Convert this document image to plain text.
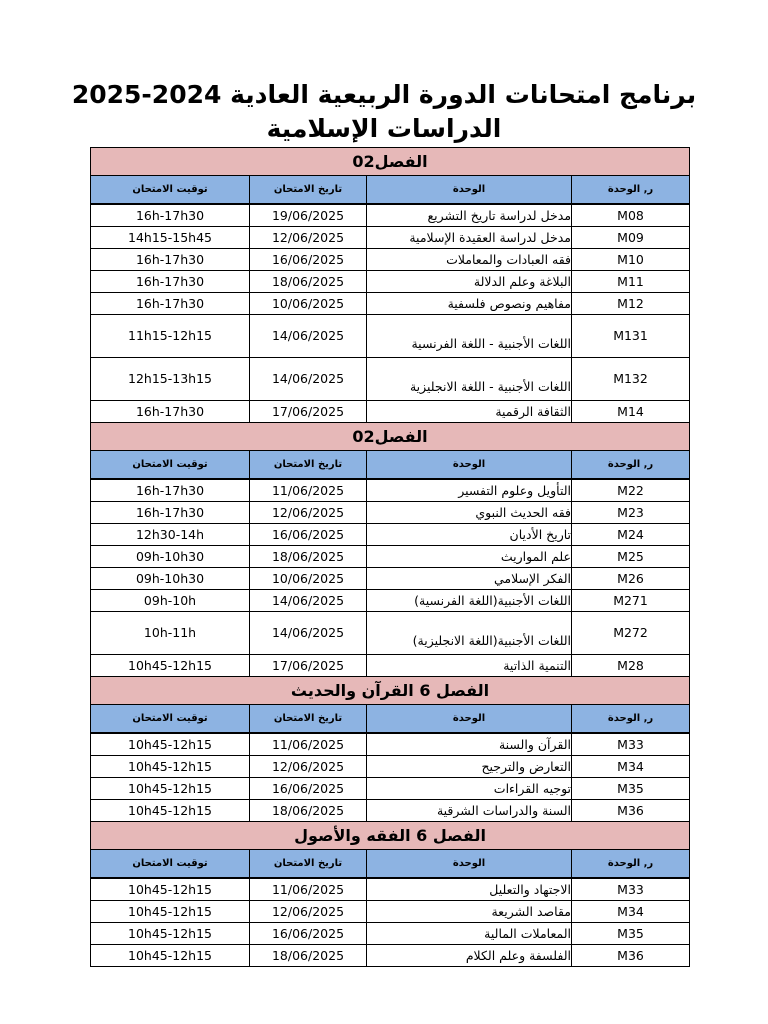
برنامج امتحانات الدورة الربيعية العادية 2024-2025
الدراسات الإسلامية
الفصل02			
ر, الوحدة	الوحدة	تاريخ الامتحان	توقيت الامتحان
M08	مدخل لدراسة تاريخ التشريع	19/06/2025	16h-17h30
M09	مدخل لدراسة العقيدة الإسلامية	12/06/2025	14h15-15h45
M10	فقه العبادات والمعاملات	16/06/2025	16h-17h30
M11	البلاغة وعلم الدلالة	18/06/2025	16h-17h30
M12	مفاهيم ونصوص فلسفية	10/06/2025	16h-17h30
M131	اللغات الأجنبية - اللغة الفرنسية	14/06/2025	11h15-12h15
M132	اللغات الأجنبية - اللغة الانجليزية	14/06/2025	12h15-13h15
M14	الثقافة الرقمية	17/06/2025	16h-17h30
الفصل02			
ر, الوحدة	الوحدة	تاريخ الامتحان	توقيت الامتحان
M22	التأويل وعلوم التفسير	11/06/2025	16h-17h30
M23	فقه الحديث النبوي	12/06/2025	16h-17h30
M24	تاريخ الأديان	16/06/2025	12h30-14h
M25	علم المواريث	18/06/2025	09h-10h30
M26	الفكر الإسلامي	10/06/2025	09h-10h30
M271	اللغات الأجنبية(اللغة الفرنسية)	14/06/2025	09h-10h
M272	اللغات الأجنبية(اللغة الانجليزية)	14/06/2025	10h-11h
M28	التنمية الذاتية	17/06/2025	10h45-12h15
الفصل 6 القرآن والحديث			
ر, الوحدة	الوحدة	تاريخ الامتحان	توقيت الامتحان
M33	القرآن والسنة	11/06/2025	10h45-12h15
M34	التعارض والترجيح	12/06/2025	10h45-12h15
M35	توجيه القراءات	16/06/2025	10h45-12h15
M36	السنة والدراسات الشرقية	18/06/2025	10h45-12h15
الفصل 6 الفقه والأصول			
ر, الوحدة	الوحدة	تاريخ الامتحان	توقيت الامتحان
M33	الاجتهاد والتعليل	11/06/2025	10h45-12h15
M34	مقاصد الشريعة	12/06/2025	10h45-12h15
M35	المعاملات المالية	16/06/2025	10h45-12h15
M36	الفلسفة وعلم الكلام	18/06/2025	10h45-12h15
